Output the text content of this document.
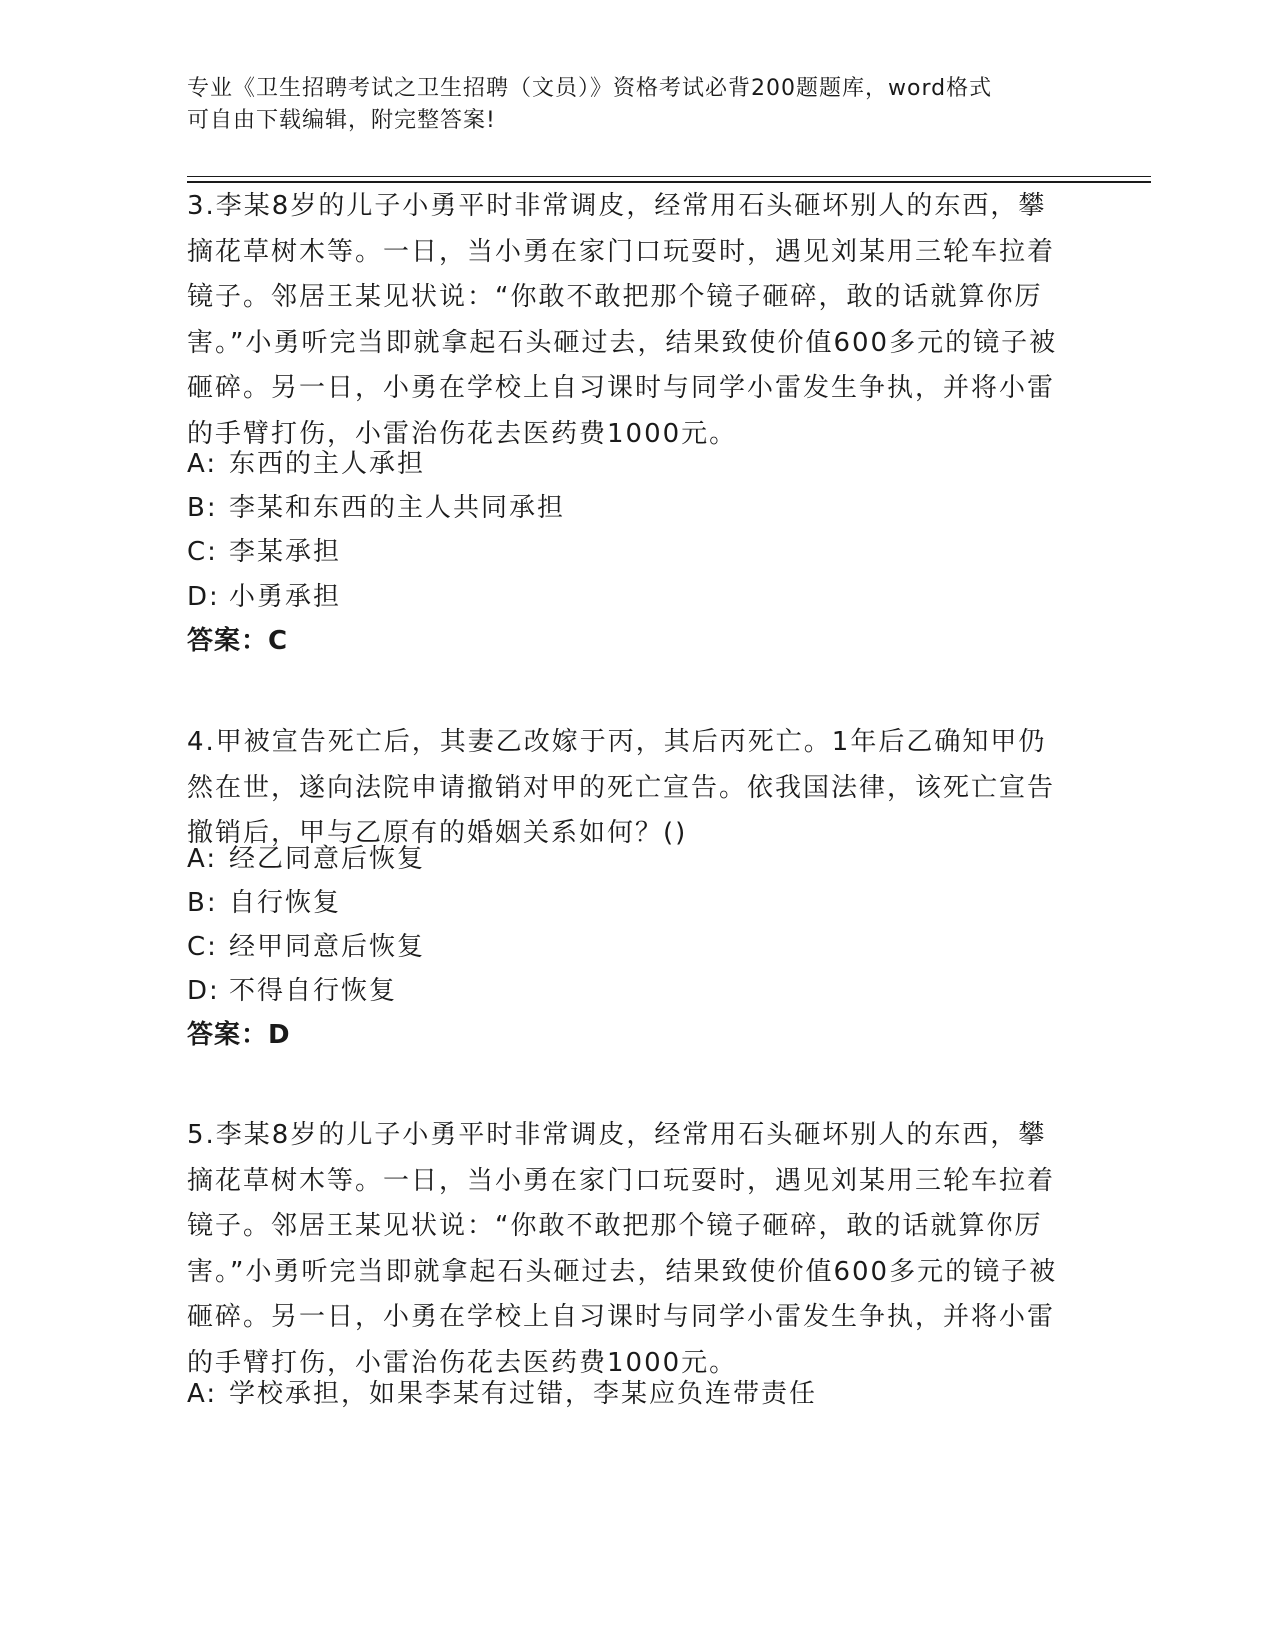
专业《卫生招聘考试之卫生招聘（文员）》资格考试必背200题题库，word格式
可自由下载编辑，附完整答案!
3.李某8岁的儿子小勇平时非常调皮，经常用石头砸坏别人的东西，攀摘花草树木等。一日，当小勇在家门口玩耍时，遇见刘某用三轮车拉着镜子。邻居王某见状说：“你敢不敢把那个镜子砸碎，敢的话就算你厉害。”小勇听完当即就拿起石头砸过去，结果致使价值600多元的镜子被砸碎。另一日，小勇在学校上自习课时与同学小雷发生争执，并将小雷的手臂打伤，小雷治伤花去医药费1000元。
A: 东西的主人承担
B: 李某和东西的主人共同承担
C: 李某承担
D: 小勇承担
答案：C
4.甲被宣告死亡后，其妻乙改嫁于丙，其后丙死亡。1年后乙确知甲仍然在世，遂向法院申请撤销对甲的死亡宣告。依我国法律，该死亡宣告撤销后，甲与乙原有的婚姻关系如何？()
A: 经乙同意后恢复
B: 自行恢复
C: 经甲同意后恢复
D: 不得自行恢复
答案：D
5.李某8岁的儿子小勇平时非常调皮，经常用石头砸坏别人的东西，攀摘花草树木等。一日，当小勇在家门口玩耍时，遇见刘某用三轮车拉着镜子。邻居王某见状说：“你敢不敢把那个镜子砸碎，敢的话就算你厉害。”小勇听完当即就拿起石头砸过去，结果致使价值600多元的镜子被砸碎。另一日，小勇在学校上自习课时与同学小雷发生争执，并将小雷的手臂打伤，小雷治伤花去医药费1000元。
A: 学校承担，如果李某有过错，李某应负连带责任
